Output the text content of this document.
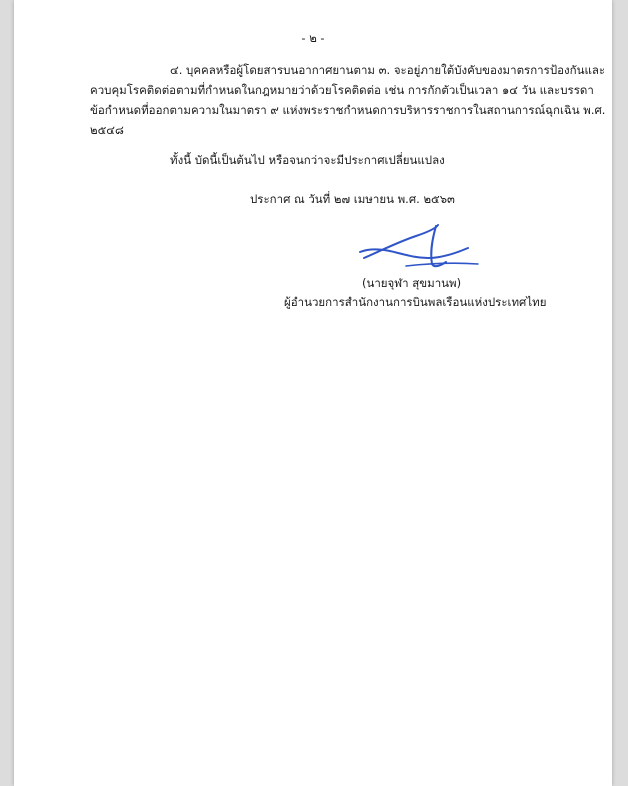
- ๒ -
๔. บุคคลหรือผู้โดยสารบนอากาศยานตาม ๓. จะอยู่ภายใต้บังคับของมาตรการป้องกันและ
ควบคุมโรคติดต่อตามที่กำหนดในกฎหมายว่าด้วยโรคติดต่อ เช่น การกักตัวเป็นเวลา ๑๔ วัน และบรรดา
ข้อกำหนดที่ออกตามความในมาตรา ๙ แห่งพระราชกำหนดการบริหารราชการในสถานการณ์ฉุกเฉิน พ.ศ.
๒๕๔๘
ทั้งนี้ บัดนี้เป็นต้นไป หรือจนกว่าจะมีประกาศเปลี่ยนแปลง
ประกาศ ณ วันที่ ๒๗ เมษายน พ.ศ. ๒๕๖๓
(นายจุฬา สุขมานพ)
ผู้อำนวยการสำนักงานการบินพลเรือนแห่งประเทศไทย
